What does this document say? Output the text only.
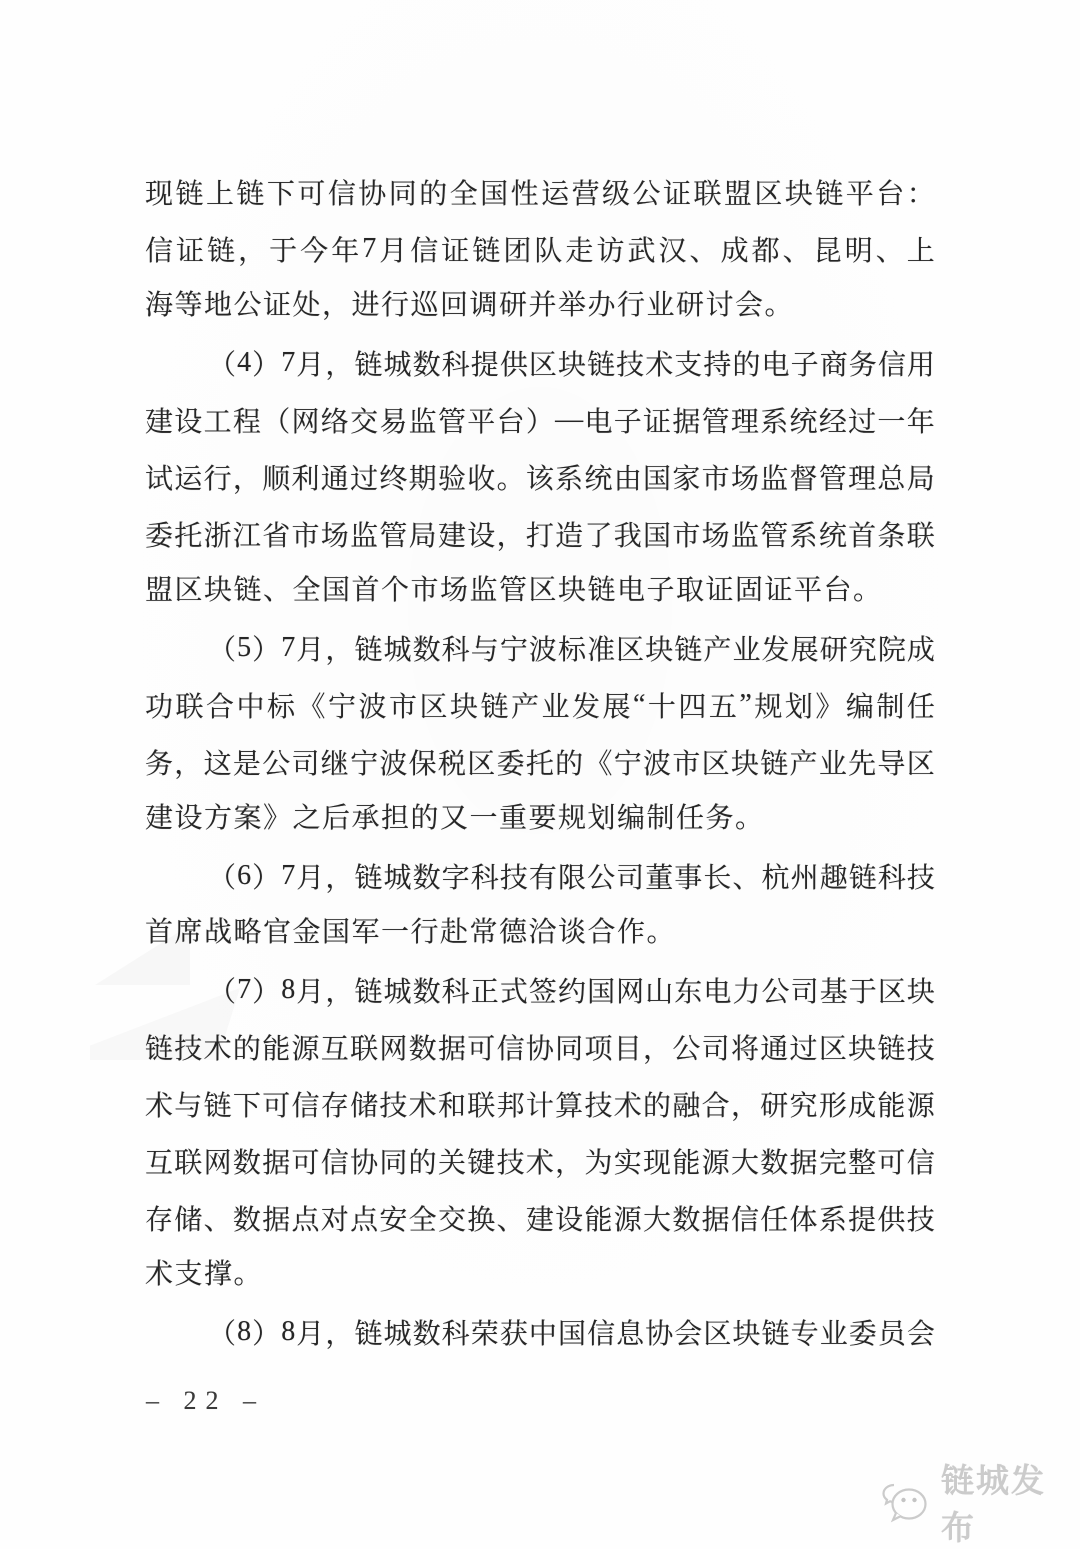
现 链 上 链 下 可 信 协 同 的 全 国 性 运 营 级 公 证 联 盟 区 块 链 平 台 ：
信 证 链 ， 于 今 年 7 月 信 证 链 团 队 走 访 武 汉 、 成 都 、 昆 明 、 上
海等地公证处，进行巡回调研并举办行业研讨会。
（ 4 ） 7 月 ， 链 城 数 科 提 供 区 块 链 技 术 支 持 的 电 子 商 务 信 用
建 设 工 程 （ 网 络 交 易 监 管 平 台 ） — 电 子 证 据 管 理 系 统 经 过 一 年
试 运 行 ， 顺 利 通 过 终 期 验 收 。 该 系 统 由 国 家 市 场 监 督 管 理 总 局
委 托 浙 江 省 市 场 监 管 局 建 设 ， 打 造 了 我 国 市 场 监 管 系 统 首 条 联
盟区块链、全国首个市场监管区块链电子取证固证平台。
（ 5 ） 7 月 ， 链 城 数 科 与 宁 波 标 准 区 块 链 产 业 发 展 研 究 院 成
功 联 合 中 标 《 宁 波 市 区 块 链 产 业 发 展 “ 十 四 五 ” 规 划 》 编 制 任
务 ， 这 是 公 司 继 宁 波 保 税 区 委 托 的 《 宁 波 市 区 块 链 产 业 先 导 区
建设方案》之后承担的又一重要规划编制任务。
（ 6 ） 7 月 ， 链 城 数 字 科 技 有 限 公 司 董 事 长 、 杭 州 趣 链 科 技
首席战略官金国军一行赴常德洽谈合作。
（ 7 ） 8 月 ， 链 城 数 科 正 式 签 约 国 网 山 东 电 力 公 司 基 于 区 块
链 技 术 的 能 源 互 联 网 数 据 可 信 协 同 项 目 ， 公 司 将 通 过 区 块 链 技
术 与 链 下 可 信 存 储 技 术 和 联 邦 计 算 技 术 的 融 合 ， 研 究 形 成 能 源
互 联 网 数 据 可 信 协 同 的 关 键 技 术 ， 为 实 现 能 源 大 数 据 完 整 可 信
存 储 、 数 据 点 对 点 安 全 交 换 、 建 设 能 源 大 数 据 信 任 体 系 提 供 技
术支撑。
（ 8 ） 8 月 ， 链 城 数 科 荣 获 中 国 信 息 协 会 区 块 链 专 业 委 员 会
– 22 –
链城发布
